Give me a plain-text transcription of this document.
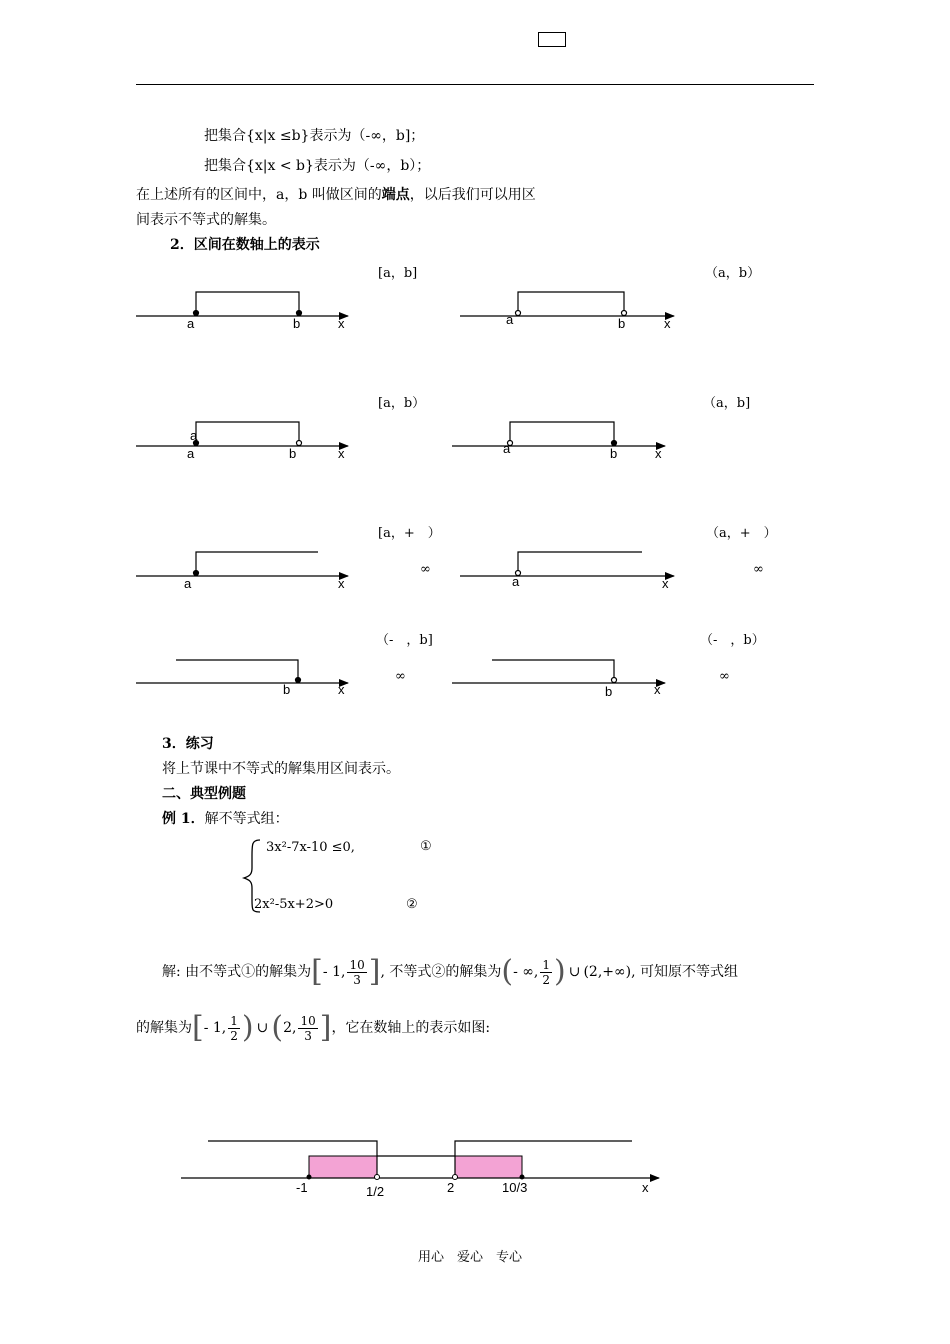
把集合{x|x ≤b}表示为（-∞，b]；
把集合{x|x < b}表示为（-∞，b）；
在上述所有的区间中，a，b 叫做区间的端点，以后我们可以用区
间表示不等式的解集。
2．区间在数轴上的表示
[a，b]	（a，b）
[a，b）	（a，b]
[a，+　）	（a，+　）
（-　，b]	（-　，b）
∞	∞
∞	∞
a	b	x	a	b	x
a
a	b	x	a	b	x
a	x	a	x
b	x	b	x
3．练习
将上节课中不等式的解集用区间表示。
二、典型例题
例 1．解不等式组：
3x²-7x-10 ≤0,	①
2x²-5x+2>0	②
解: 由不等式①的解集为 [ - 1, $\frac{10}{3}$ ] , 不等式②的解集为 ( - ∞, $\frac{1}{2}$ ) ∪ (2,+∞) , 可知原不等式组
的解集为 [ - 1, $\frac{1}{2}$ ) ∪ ( 2, $\frac{10}{3}$ ] ，它在数轴上的表示如图:
-1	1/2	2	10/3	x
用心　爱心　专心
